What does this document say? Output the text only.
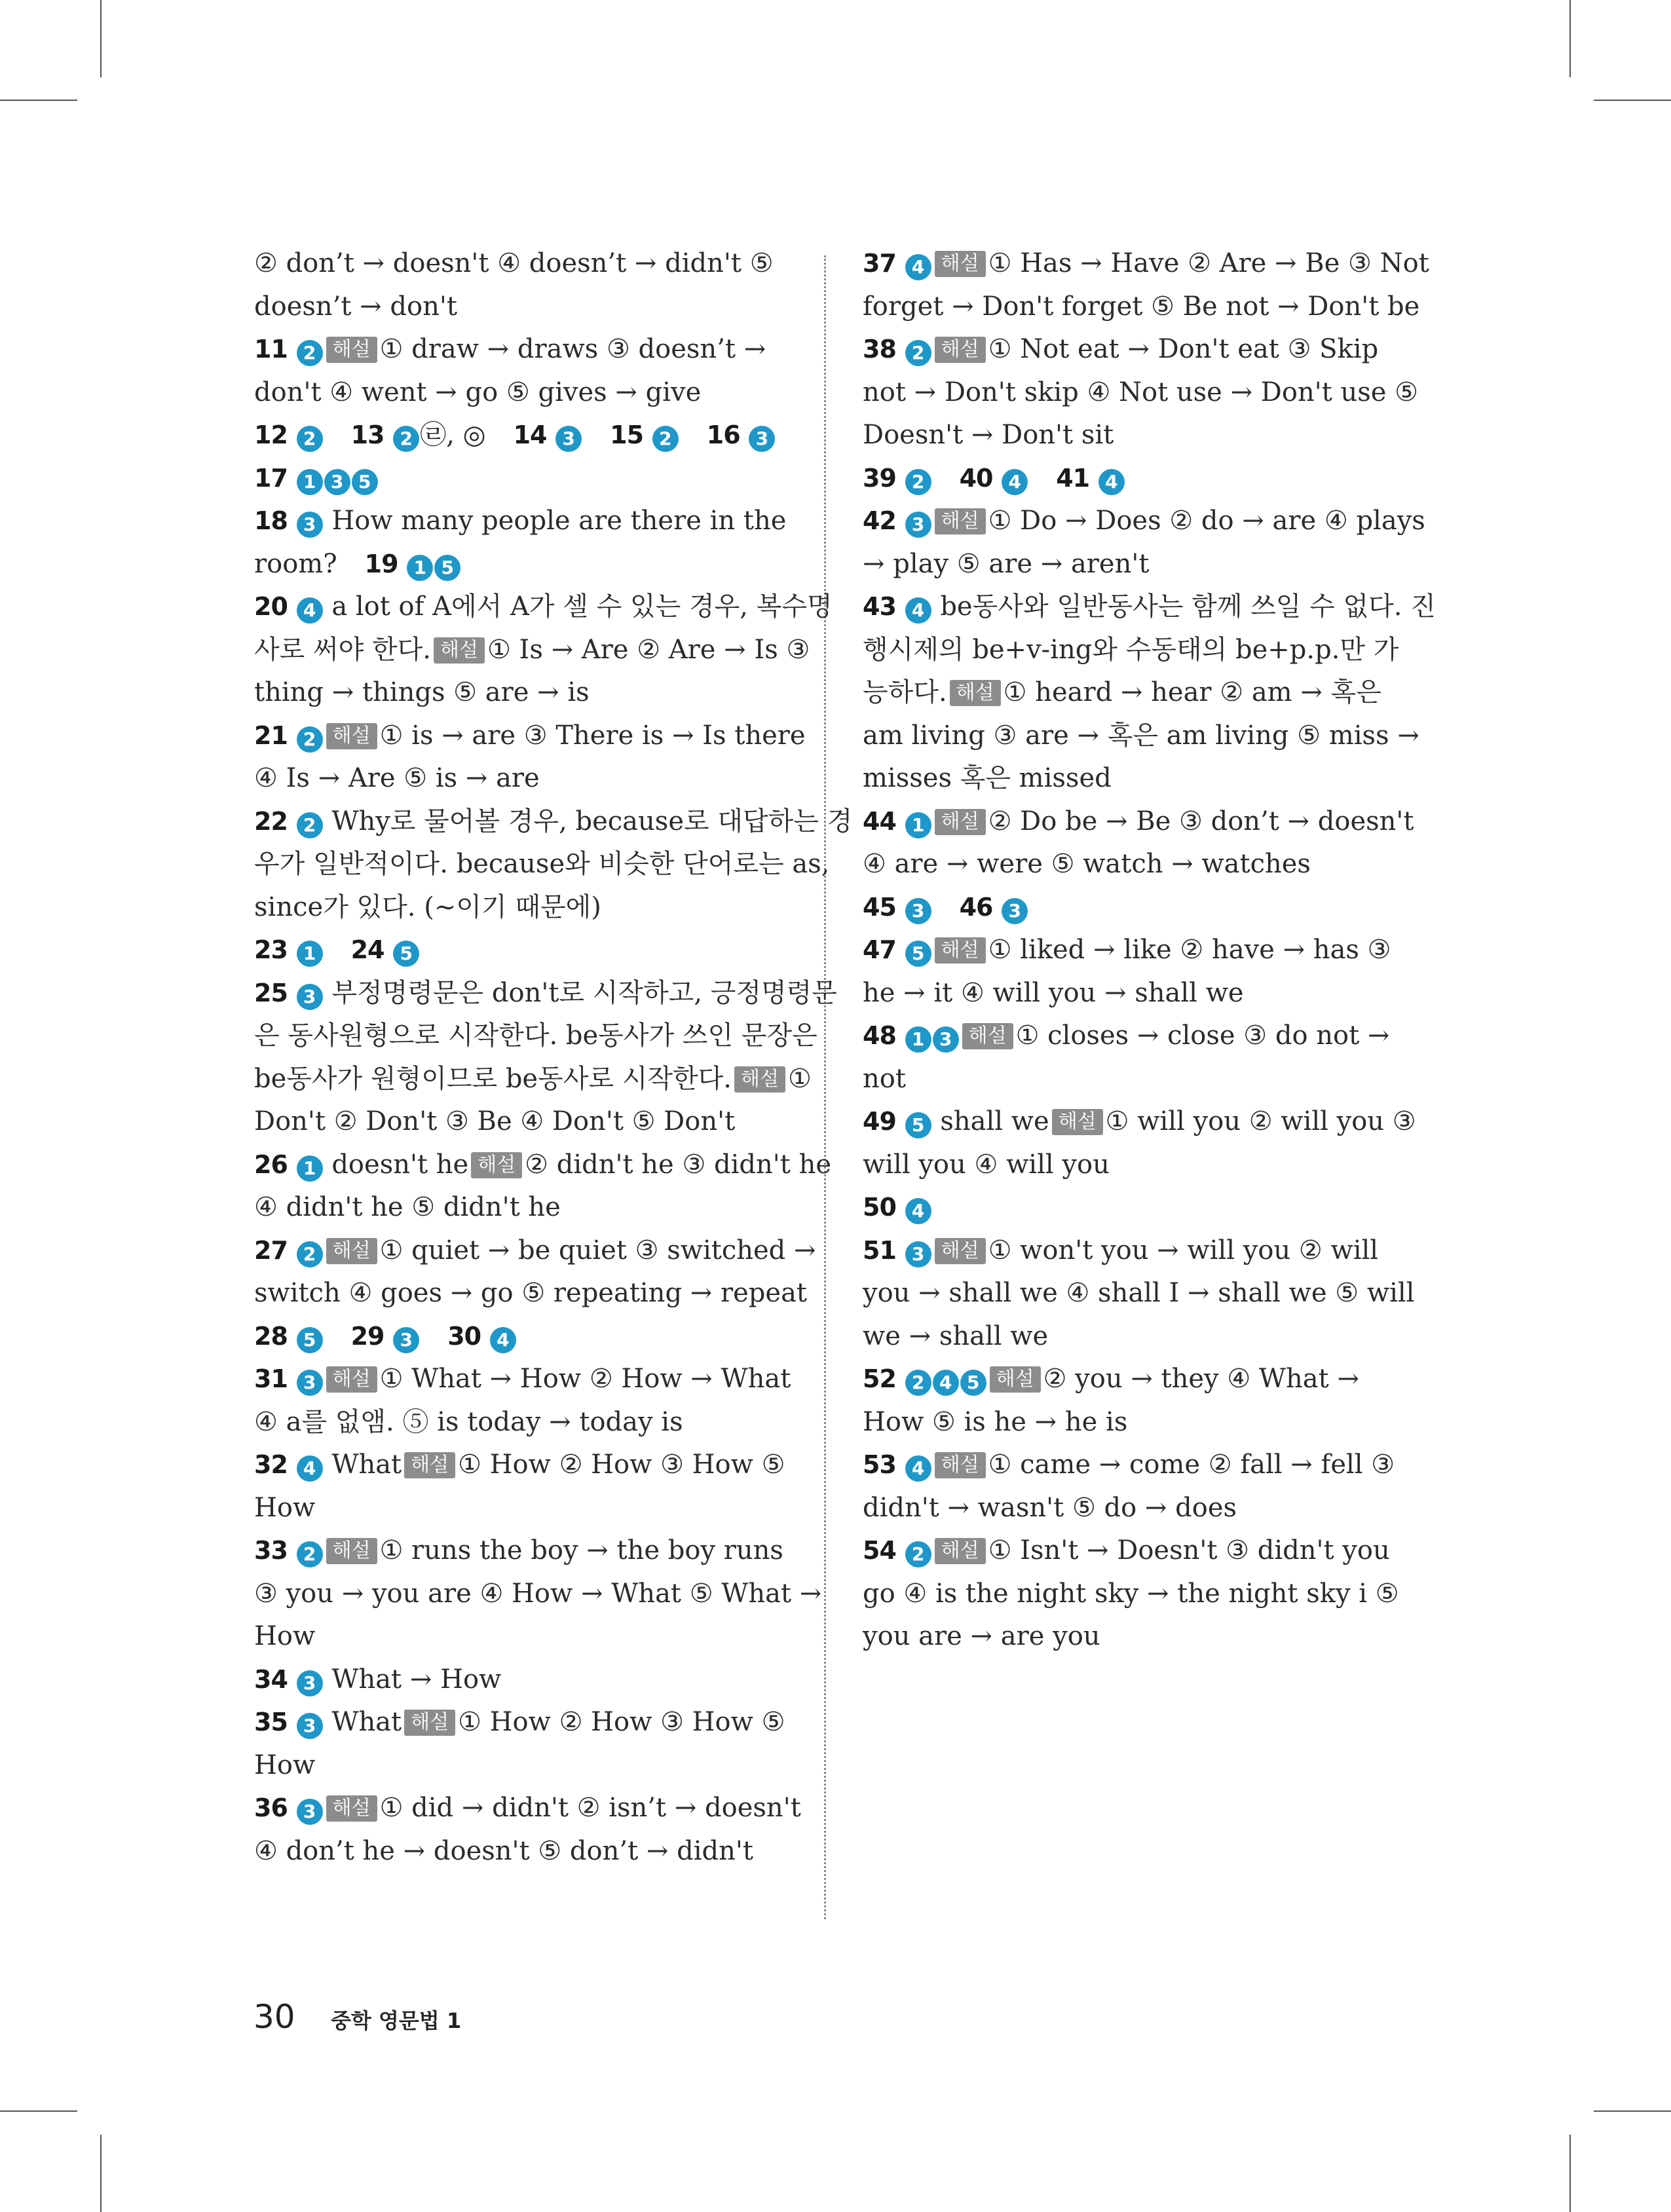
② don’t → doesn't ④ doesn’t → didn't ⑤
doesn’t → don't
11 2 해설 ① draw → draws ③ doesn’t →
don't ④ went → go ⑤ gives → give
12 2 13 2 ㉣, ◎ 14 3 15 2 16 3
17 1 3 5
18 3 How many people are there in the
room? 19 1 5
20 4 a lot of A에서 A가 셀 수 있는 경우, 복수명
사로 써야 한다. 해설 ① Is → Are ② Are → Is ③
thing → things ⑤ are → is
21 2 해설 ① is → are ③ There is → Is there
④ Is → Are ⑤ is → are
22 2 Why로 물어볼 경우, because로 대답하는 경
우가 일반적이다. because와 비슷한 단어로는 as,
since가 있다. (~이기 때문에)
23 1 24 5
25 3 부정명령문은 don't로 시작하고, 긍정명령문
은 동사원형으로 시작한다. be동사가 쓰인 문장은
be동사가 원형이므로 be동사로 시작한다. 해설 ①
Don't ② Don't ③ Be ④ Don't ⑤ Don't
26 1 doesn't he 해설 ② didn't he ③ didn't he
④ didn't he ⑤ didn't he
27 2 해설 ① quiet → be quiet ③ switched →
switch ④ goes → go ⑤ repeating → repeat
28 5 29 3 30 4
31 3 해설 ① What → How ② How → What
④ a를 없앰. ⑤ is today → today is
32 4 What 해설 ① How ② How ③ How ⑤
How
33 2 해설 ① runs the boy → the boy runs
③ you → you are ④ How → What ⑤ What →
How
34 3 What → How
35 3 What 해설 ① How ② How ③ How ⑤
How
36 3 해설 ① did → didn't ② isn’t → doesn't
④ don’t he → doesn't ⑤ don’t → didn't
37 4 해설 ① Has → Have ② Are → Be ③ Not
forget → Don't forget ⑤ Be not → Don't be
38 2 해설 ① Not eat → Don't eat ③ Skip
not → Don't skip ④ Not use → Don't use ⑤
Doesn't → Don't sit
39 2 40 4 41 4
42 3 해설 ① Do → Does ② do → are ④ plays
→ play ⑤ are → aren't
43 4 be동사와 일반동사는 함께 쓰일 수 없다. 진
행시제의 be+v-ing와 수동태의 be+p.p.만 가
능하다. 해설 ① heard → hear ② am → 혹은
am living ③ are → 혹은 am living ⑤ miss →
misses 혹은 missed
44 1 해설 ② Do be → Be ③ don’t → doesn't
④ are → were ⑤ watch → watches
45 3 46 3
47 5 해설 ① liked → like ② have → has ③
he → it ④ will you → shall we
48 1 3 해설 ① closes → close ③ do not →
not
49 5 shall we 해설 ① will you ② will you ③
will you ④ will you
50 4
51 3 해설 ① won't you → will you ② will
you → shall we ④ shall I → shall we ⑤ will
we → shall we
52 2 4 5 해설 ② you → they ④ What →
How ⑤ is he → he is
53 4 해설 ① came → come ② fall → fell ③
didn't → wasn't ⑤ do → does
54 2 해설 ① Isn't → Doesn't ③ didn't you
go ④ is the night sky → the night sky i ⑤
you are → are you
30 중학 영문법 1
